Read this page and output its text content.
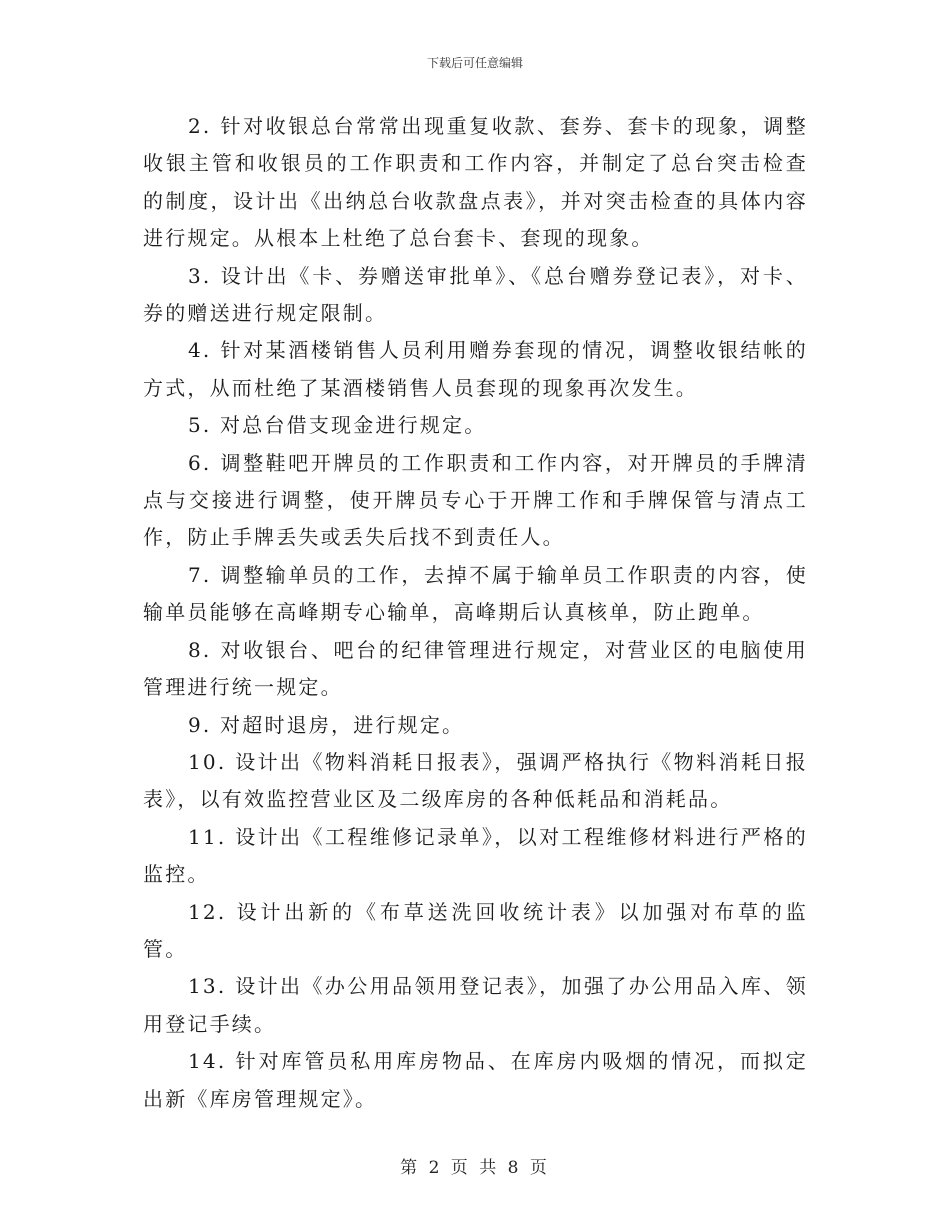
下载后可任意编辑

2. 针对收银总台常常出现重复收款、套券、套卡的现象，调整收银主管和收银员的工作职责和工作内容，并制定了总台突击检查的制度，设计出《出纳总台收款盘点表》，并对突击检查的具体内容进行规定。从根本上杜绝了总台套卡、套现的现象。

3. 设计出《卡、券赠送审批单》、《总台赠券登记表》，对卡、券的赠送进行规定限制。

4. 针对某酒楼销售人员利用赠券套现的情况，调整收银结帐的方式，从而杜绝了某酒楼销售人员套现的现象再次发生。

5. 对总台借支现金进行规定。

6. 调整鞋吧开牌员的工作职责和工作内容，对开牌员的手牌清点与交接进行调整，使开牌员专心于开牌工作和手牌保管与清点工作，防止手牌丢失或丢失后找不到责任人。

7. 调整输单员的工作，去掉不属于输单员工作职责的内容，使输单员能够在高峰期专心输单，高峰期后认真核单，防止跑单。

8. 对收银台、吧台的纪律管理进行规定，对营业区的电脑使用管理进行统一规定。

9. 对超时退房，进行规定。

10. 设计出《物料消耗日报表》，强调严格执行《物料消耗日报表》，以有效监控营业区及二级库房的各种低耗品和消耗品。

11. 设计出《工程维修记录单》，以对工程维修材料进行严格的监控。

12. 设计出新的《布草送洗回收统计表》以加强对布草的监管。

13. 设计出《办公用品领用登记表》，加强了办公用品入库、领用登记手续。

14. 针对库管员私用库房物品、在库房内吸烟的情况，而拟定出新《库房管理规定》。

第 2 页 共 8 页
